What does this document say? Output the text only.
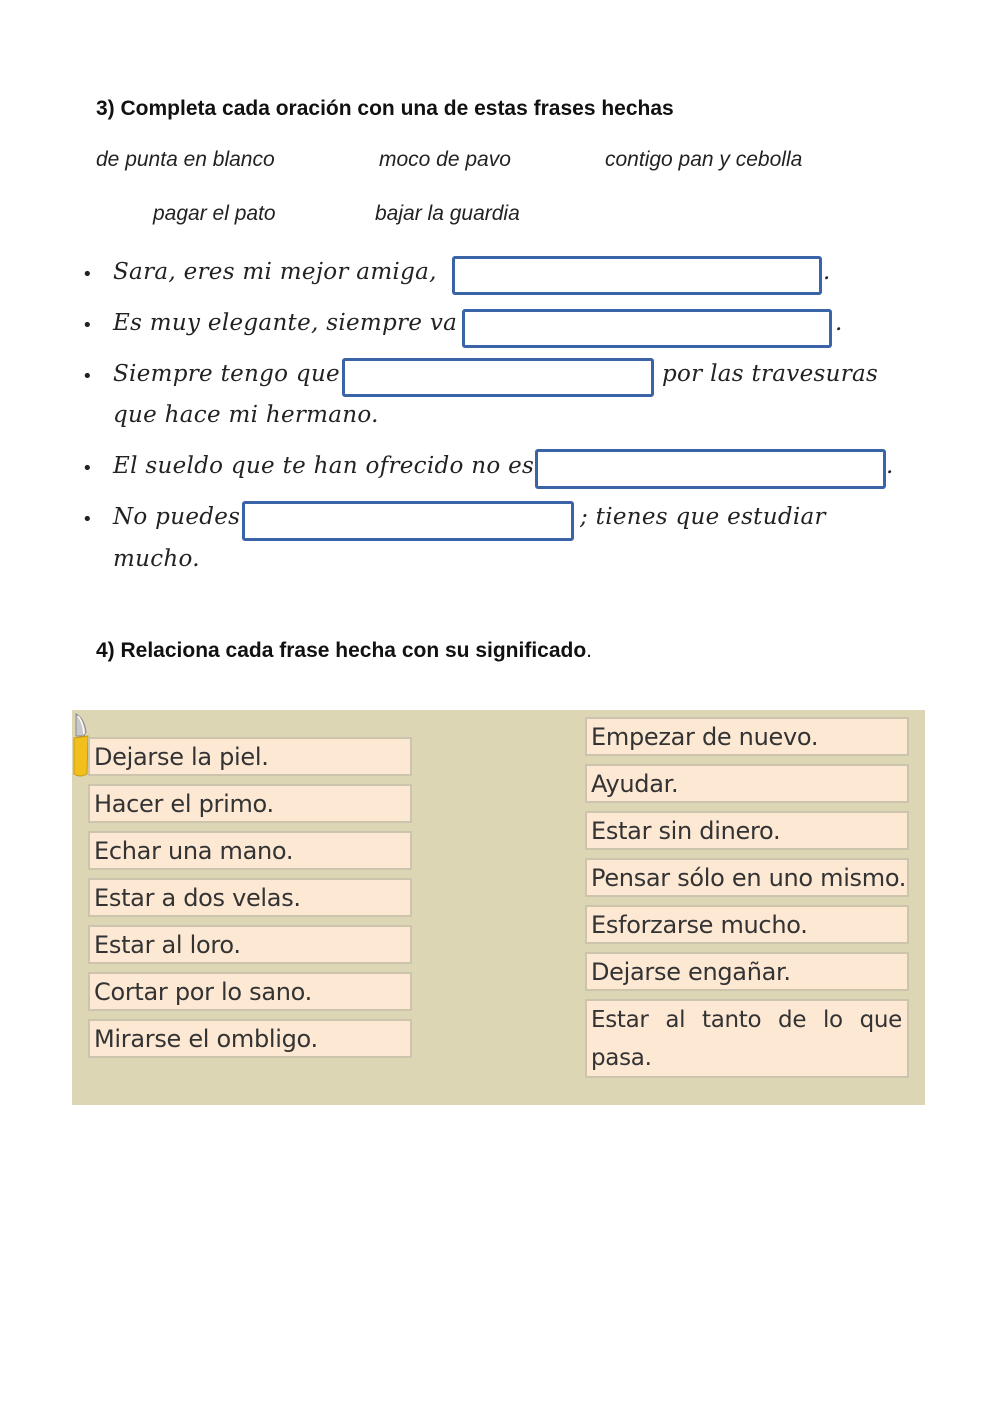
3) Completa cada oración con una de estas frases hechas
de punta en blanco	moco de pavo	contigo pan y cebolla
pagar el pato	bajar la guardia
• Sara, eres mi mejor amiga,	.
• Es muy elegante, siempre va	.
• Siempre tengo que	por las travesuras
que hace mi hermano.
• El sueldo que te han ofrecido no es	.
• No puedes	; tienes que estudiar
mucho.
4) Relaciona cada frase hecha con su significado.
Dejarse la piel.
Hacer el primo.
Echar una mano.
Estar a dos velas.
Estar al loro.
Cortar por lo sano.
Mirarse el ombligo.
Empezar de nuevo.
Ayudar.
Estar sin dinero.
Pensar sólo en uno mismo.
Esforzarse mucho.
Dejarse engañar.
Estar al tanto de lo que pasa.
